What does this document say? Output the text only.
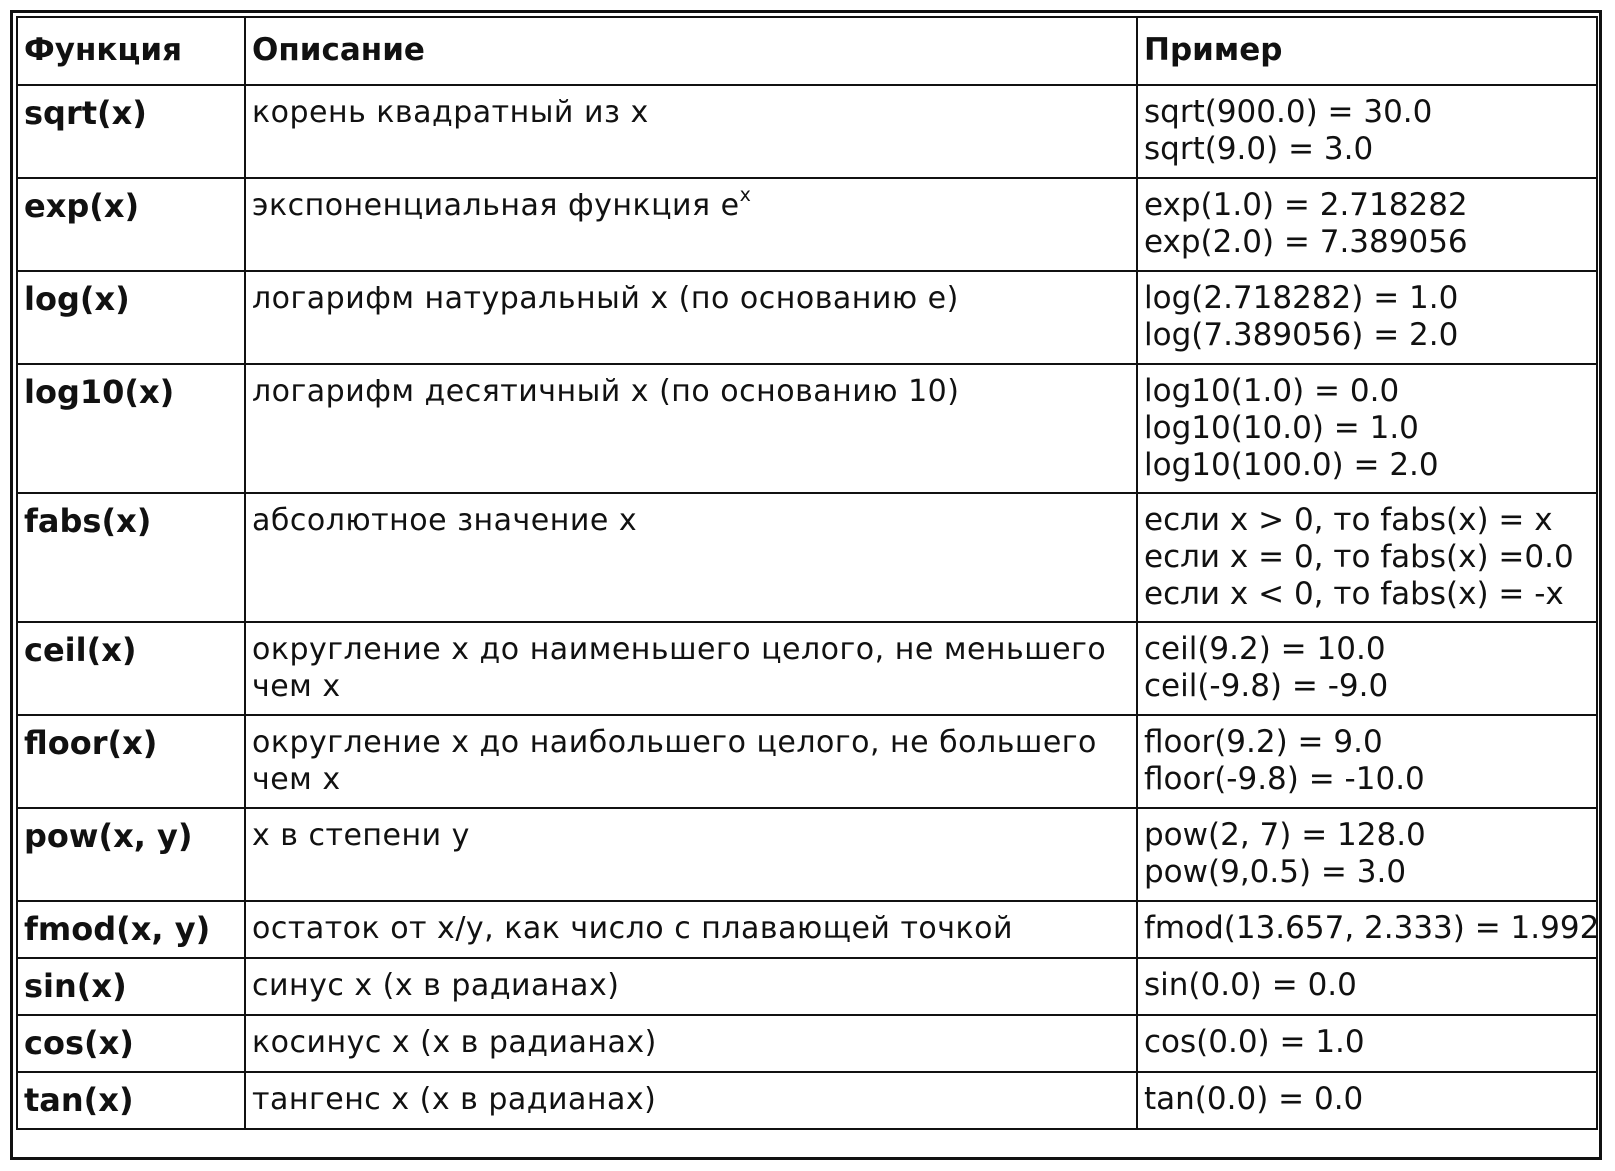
Функция	Описание	Пример
sqrt(x)	корень квадратный из x	sqrt(900.0) = 30.0
sqrt(9.0) = 3.0

exp(x)	экспоненциальная функция $e^x$	exp(1.0) = 2.718282
exp(2.0) = 7.389056

log(x)	логарифм натуральный x (по основанию e)	log(2.718282) = 1.0
log(7.389056) = 2.0

log10(x)	логарифм десятичный x (по основанию 10)	log10(1.0) = 0.0
log10(10.0) = 1.0
log10(100.0) = 2.0

fabs(x)	абсолютное значение x	если x > 0, то fabs(x) = x
если x = 0, то fabs(x) =0.0
если x < 0, то fabs(x) = -x

ceil(x)	округление x до наименьшего целого, не меньшего чем x	ceil(9.2) = 10.0
ceil(-9.8) = -9.0

floor(x)	округление x до наибольшего целого, не большего чем x	floor(9.2) = 9.0
floor(-9.8) = -10.0

pow(x, y)	x в степени y	pow(2, 7) = 128.0
pow(9,0.5) = 3.0

fmod(x, y)	остаток от x/y, как число с плавающей точкой	fmod(13.657, 2.333) = 1.992

sin(x)	синус x (x в радианах)	sin(0.0) = 0.0

cos(x)	косинус x (x в радианах)	cos(0.0) = 1.0

tan(x)	тангенс x (x в радианах)	tan(0.0) = 0.0
